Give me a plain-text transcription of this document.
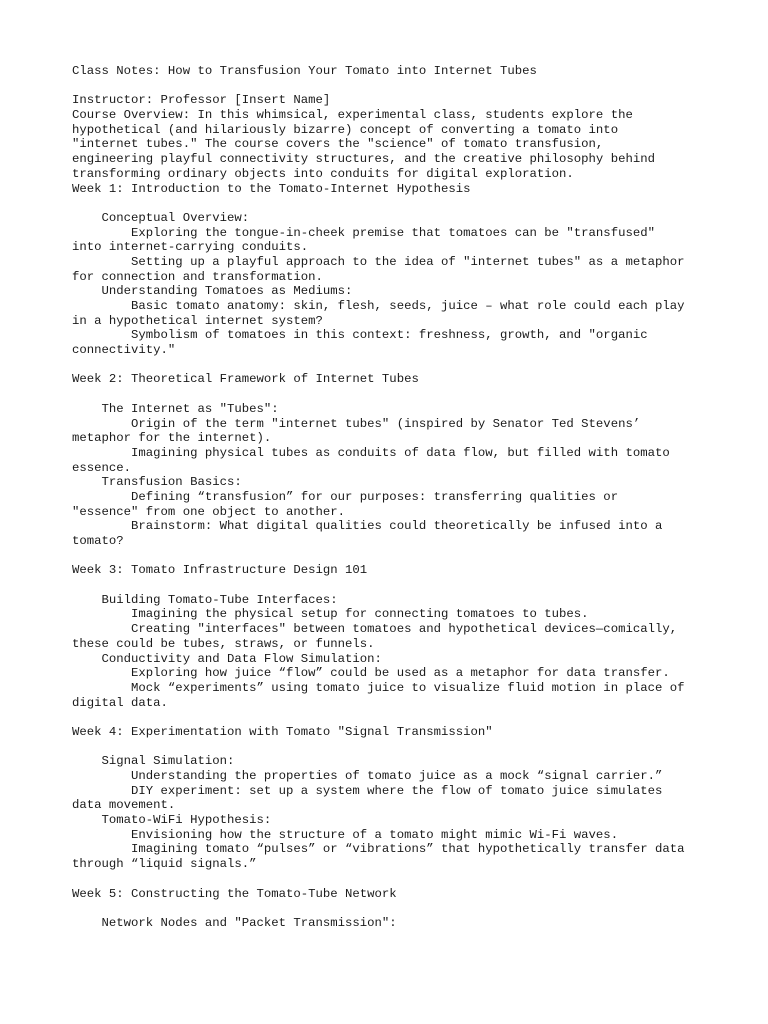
Class Notes: How to Transfusion Your Tomato into Internet Tubes
Instructor: Professor [Insert Name]
Course Overview: In this whimsical, experimental class, students explore the
hypothetical (and hilariously bizarre) concept of converting a tomato into
"internet tubes." The course covers the "science" of tomato transfusion,
engineering playful connectivity structures, and the creative philosophy behind
transforming ordinary objects into conduits for digital exploration.
Week 1: Introduction to the Tomato-Internet Hypothesis
Conceptual Overview:
Exploring the tongue-in-cheek premise that tomatoes can be "transfused"
into internet-carrying conduits.
Setting up a playful approach to the idea of "internet tubes" as a metaphor
for connection and transformation.
Understanding Tomatoes as Mediums:
Basic tomato anatomy: skin, flesh, seeds, juice – what role could each play
in a hypothetical internet system?
Symbolism of tomatoes in this context: freshness, growth, and "organic
connectivity."
Week 2: Theoretical Framework of Internet Tubes
The Internet as "Tubes":
Origin of the term "internet tubes" (inspired by Senator Ted Stevens’
metaphor for the internet).
Imagining physical tubes as conduits of data flow, but filled with tomato
essence.
Transfusion Basics:
Defining “transfusion” for our purposes: transferring qualities or
"essence" from one object to another.
Brainstorm: What digital qualities could theoretically be infused into a
tomato?
Week 3: Tomato Infrastructure Design 101
Building Tomato-Tube Interfaces:
Imagining the physical setup for connecting tomatoes to tubes.
Creating "interfaces" between tomatoes and hypothetical devices—comically,
these could be tubes, straws, or funnels.
Conductivity and Data Flow Simulation:
Exploring how juice “flow” could be used as a metaphor for data transfer.
Mock “experiments” using tomato juice to visualize fluid motion in place of
digital data.
Week 4: Experimentation with Tomato "Signal Transmission"
Signal Simulation:
Understanding the properties of tomato juice as a mock “signal carrier.”
DIY experiment: set up a system where the flow of tomato juice simulates
data movement.
Tomato-WiFi Hypothesis:
Envisioning how the structure of a tomato might mimic Wi-Fi waves.
Imagining tomato “pulses” or “vibrations” that hypothetically transfer data
through “liquid signals.”
Week 5: Constructing the Tomato-Tube Network
Network Nodes and "Packet Transmission":
